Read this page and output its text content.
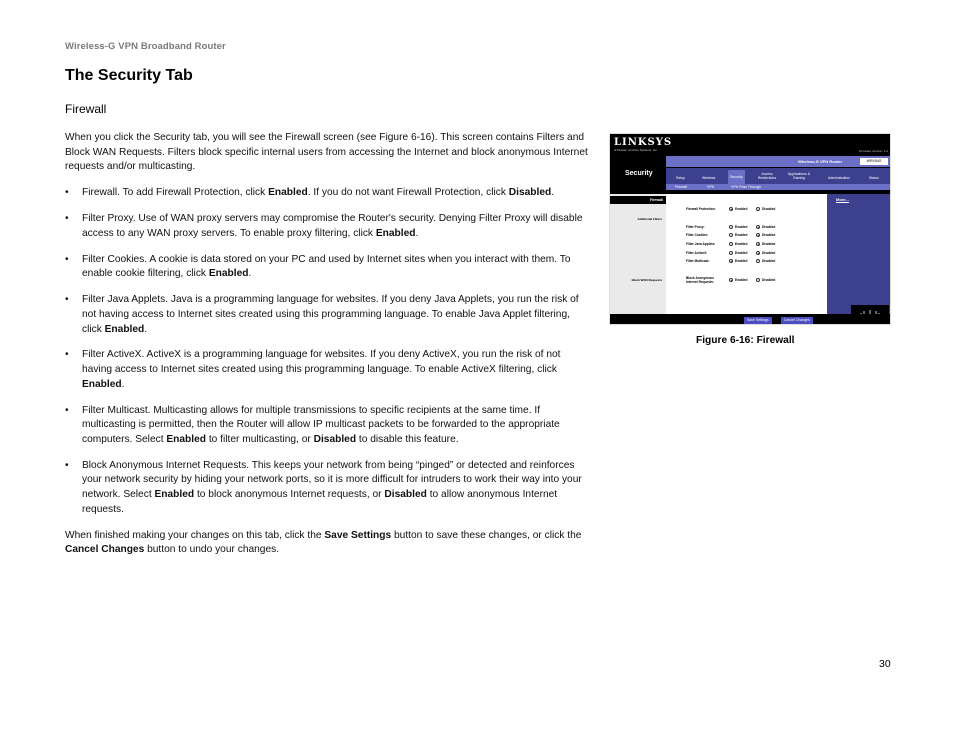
Wireless-G VPN Broadband Router
The Security Tab
Firewall

When you click the Security tab, you will see the Firewall screen (see Figure 6-16). This screen contains Filters and Block WAN Requests. Filters block specific internal users from accessing the Internet and block anonymous Internet requests and/or multicasting.

• Firewall. To add Firewall Protection, click Enabled. If you do not want Firewall Protection, click Disabled.
• Filter Proxy. Use of WAN proxy servers may compromise the Router's security. Denying Filter Proxy will disable access to any WAN proxy servers. To enable proxy filtering, click Enabled.
• Filter Cookies. A cookie is data stored on your PC and used by Internet sites when you interact with them. To enable cookie filtering, click Enabled.
• Filter Java Applets. Java is a programming language for websites. If you deny Java Applets, you run the risk of not having access to Internet sites created using this programming language. To enable Java Applet filtering, click Enabled.
• Filter ActiveX. ActiveX is a programming language for websites. If you deny ActiveX, you run the risk of not having access to Internet sites created using this programming language. To enable ActiveX filtering, click Enabled.
• Filter Multicast. Multicasting allows for multiple transmissions to specific recipients at the same time. If multicasting is permitted, then the Router will allow IP multicast packets to be forwarded to the appropriate computers. Select Enabled to filter multicasting, or Disabled to disable this feature.
• Block Anonymous Internet Requests. This keeps your network from being “pinged” or detected and reinforces your network security by hiding your network ports, so it is more difficult for intruders to work their way into your network. Select Enabled to block anonymous Internet requests, or Disabled to allow anonymous Internet requests.

When finished making your changes on this tab, click the Save Settings button to save these changes, or click the Cancel Changes button to undo your changes.

LINKSYS
A Division of Cisco Systems, Inc.	Firmware Version: 1.0
Security
Wireless-G VPN Router	WRV54G
Setup	Wireless	Security
Access Restrictions
Applications & Gaming	Administration	Status
Firewall	VPN	VPN Pass Through
Firewall
Additional Filters
Block WAN Requests
More...
Firewall Protection:	Enabled	Disabled
Filter Proxy:	Enabled	Disabled
Filter Cookies:	Enabled	Disabled
Filter Java Applets:	Enabled	Disabled
Filter ActiveX:	Enabled	Disabled
Filter Multicast:	Enabled	Disabled
Block Anonymous Internet Requests:
Enabled	Disabled
Save Settings	Cancel Changes
Figure 6-16: Firewall
30
